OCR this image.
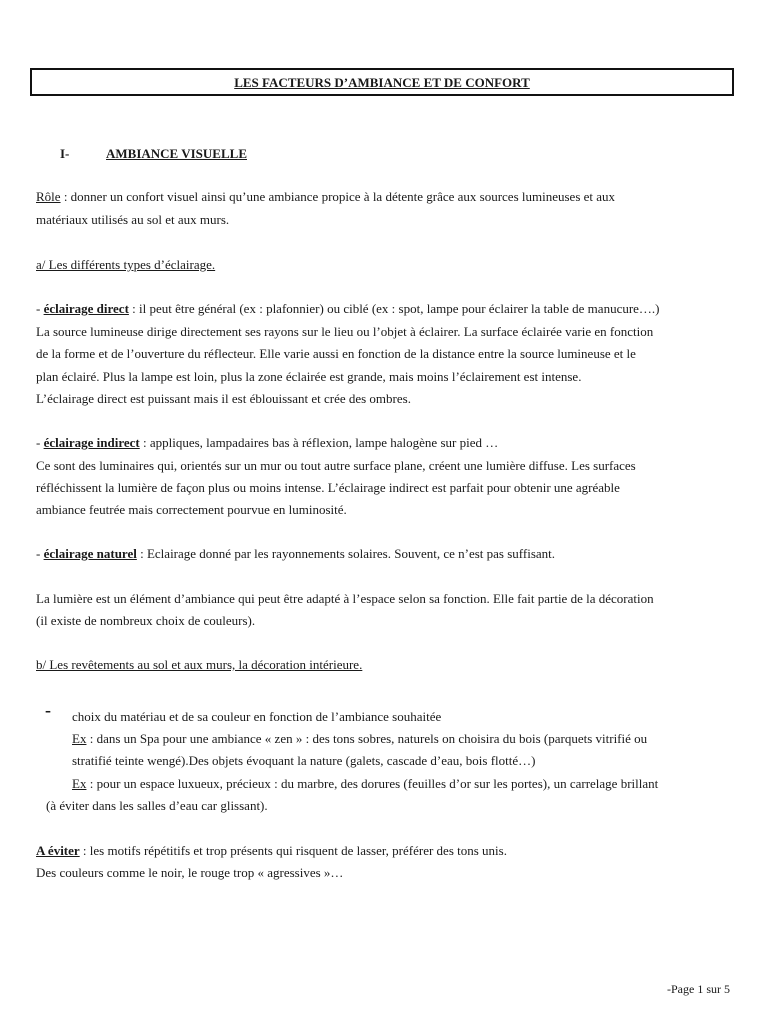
LES FACTEURS D’AMBIANCE ET DE CONFORT
I-	AMBIANCE VISUELLE
Rôle : donner un confort visuel ainsi qu’une ambiance propice à la détente grâce aux sources lumineuses et aux
matériaux utilisés au sol et aux murs.
a/ Les différents types d’éclairage.
- éclairage direct : il peut être général (ex : plafonnier) ou ciblé (ex : spot, lampe pour éclairer la table de manucure….)
La source lumineuse dirige directement ses rayons sur le lieu ou l’objet à éclairer. La surface éclairée varie en fonction
de la forme et de l’ouverture du réflecteur. Elle varie aussi en fonction de la distance entre la source lumineuse et le
plan éclairé. Plus la lampe est loin, plus la zone éclairée est grande, mais moins l’éclairement est intense.
L’éclairage direct est puissant mais il est éblouissant et crée des ombres.
- éclairage indirect : appliques, lampadaires bas à réflexion, lampe halogène sur pied …
Ce sont des luminaires qui, orientés sur un mur ou tout autre surface plane, créent une lumière diffuse. Les surfaces
réfléchissent la lumière de façon plus ou moins intense. L’éclairage indirect est parfait pour obtenir une agréable
ambiance feutrée mais correctement pourvue en luminosité.
- éclairage naturel : Eclairage donné par les rayonnements solaires. Souvent, ce n’est pas suffisant.
La lumière est un élément d’ambiance qui peut être adapté à l’espace selon sa fonction. Elle fait partie de la décoration
(il existe de nombreux choix de couleurs).
b/ Les revêtements au sol et aux murs, la décoration intérieure.
- choix du matériau et de sa couleur en fonction de l’ambiance souhaitée
Ex : dans un Spa pour une ambiance « zen » : des tons sobres, naturels on choisira du bois (parquets vitrifié ou
stratifié teinte wengé).Des objets évoquant la nature (galets, cascade d’eau, bois flotté…)
Ex : pour un espace luxueux, précieux : du marbre, des dorures (feuilles d’or sur les portes), un carrelage brillant
(à éviter dans les salles d’eau car glissant).
A éviter : les motifs répétitifs et trop présents qui risquent de lasser, préférer des tons unis.
Des couleurs comme le noir, le rouge trop « agressives »…
-Page 1 sur 5
